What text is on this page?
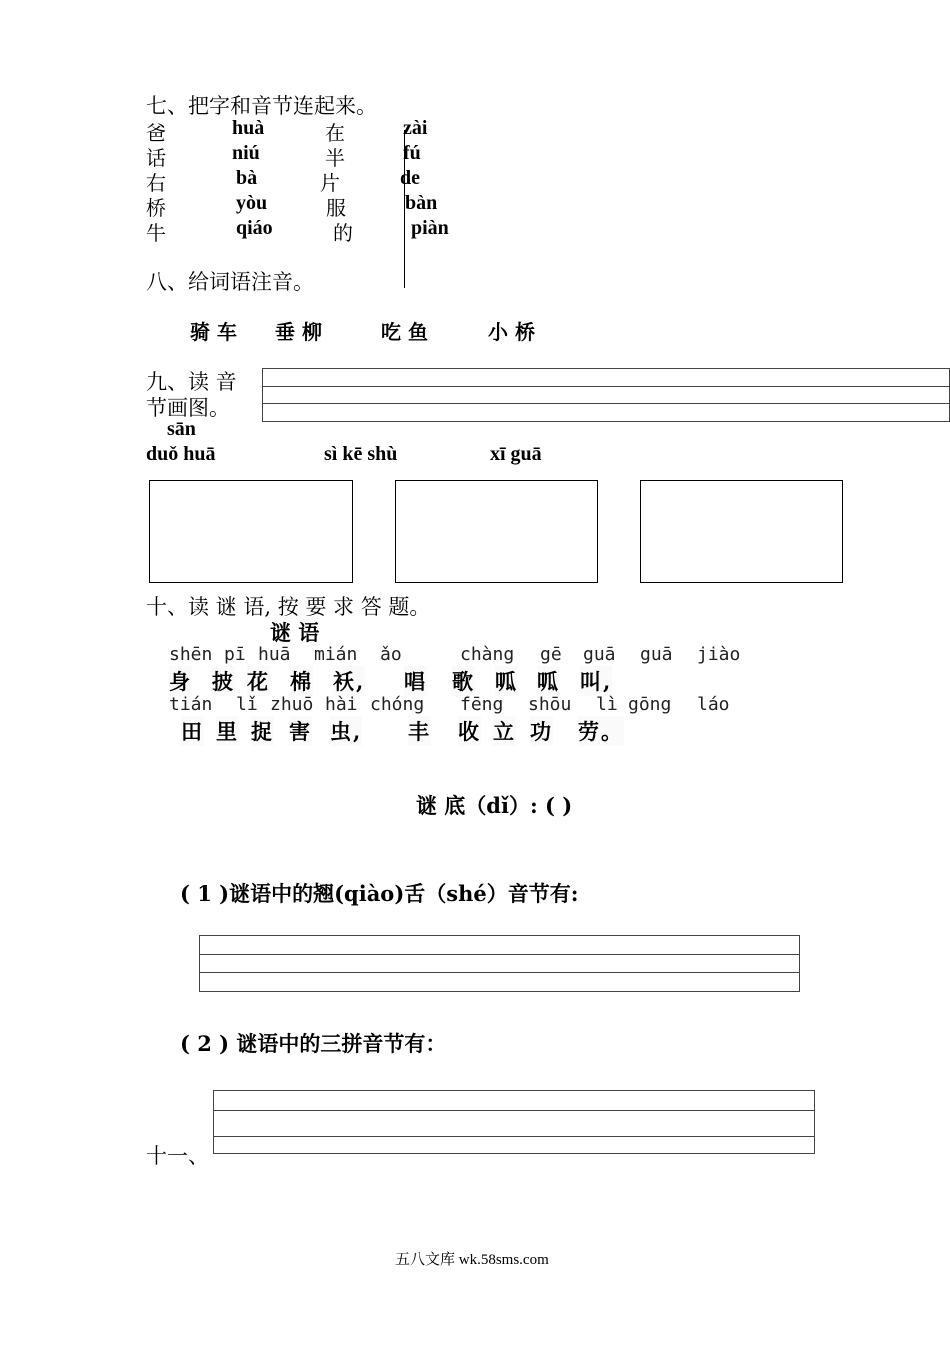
七、把字和音节连起来。
爸	huà	在	zài
话	niú	半	fú
右	bà	片	de
桥	yòu	服	bàn
牛	qiáo	的	piàn
八、给词语注音。
骑 车 垂 柳	吃 鱼	小 桥
九、读 音
节画图。
sān
duǒ huā	sì kē shù	xī guā
十、读 谜 语, 按 要 求 答 题。
谜 语
shēn pī huā mián ǎo	chàng gē guā guā jiào
身 披 花 棉 袄, 唱 歌 呱 呱 叫,
tián lǐ zhuō hài chóng fēng shōu lì gōng láo
田 里 捉 害 虫, 丰 收 立 功 劳。
谜 底（dǐ）: ( )
( 1 )谜语中的翘(qiào)舌（shé）音节有:
( 2 ) 谜语中的三拼音节有：
十一、
五八文库 wk.58sms.com
